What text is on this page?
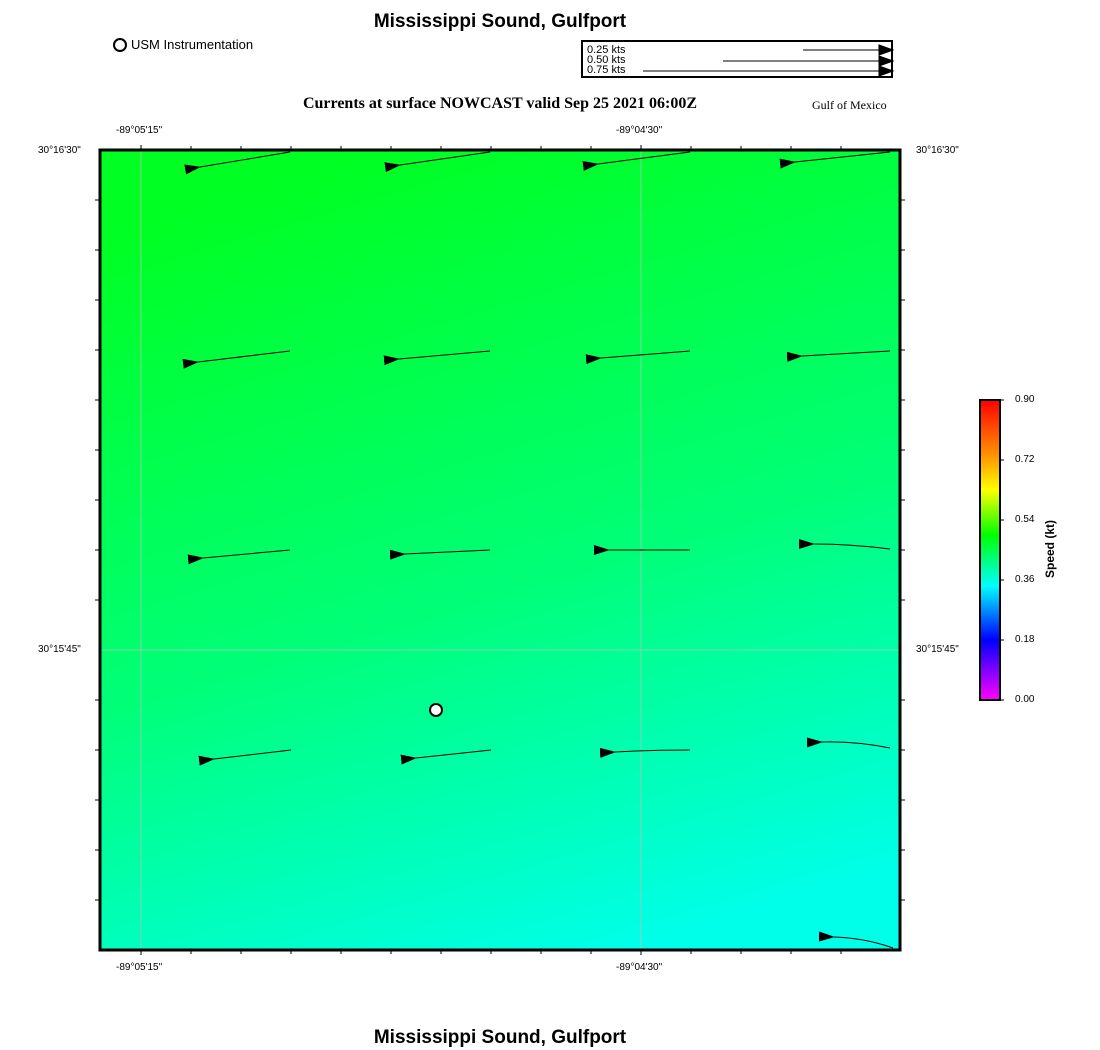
Mississippi Sound, Gulfport
USM Instrumentation	0.25 kts
0.50 kts
0.75 kts
Currents at surface NOWCAST valid Sep 25 2021 06:00Z	Gulf of Mexico
-89°05'15"	-89°04'30"
-89°05'15"	-89°04'30"
30°16'30"
30°15'45"
30°16'30"
30°15'45"
0.90
0.72
0.54
0.36
0.18
0.00
Speed (kt)
Mississippi Sound, Gulfport
